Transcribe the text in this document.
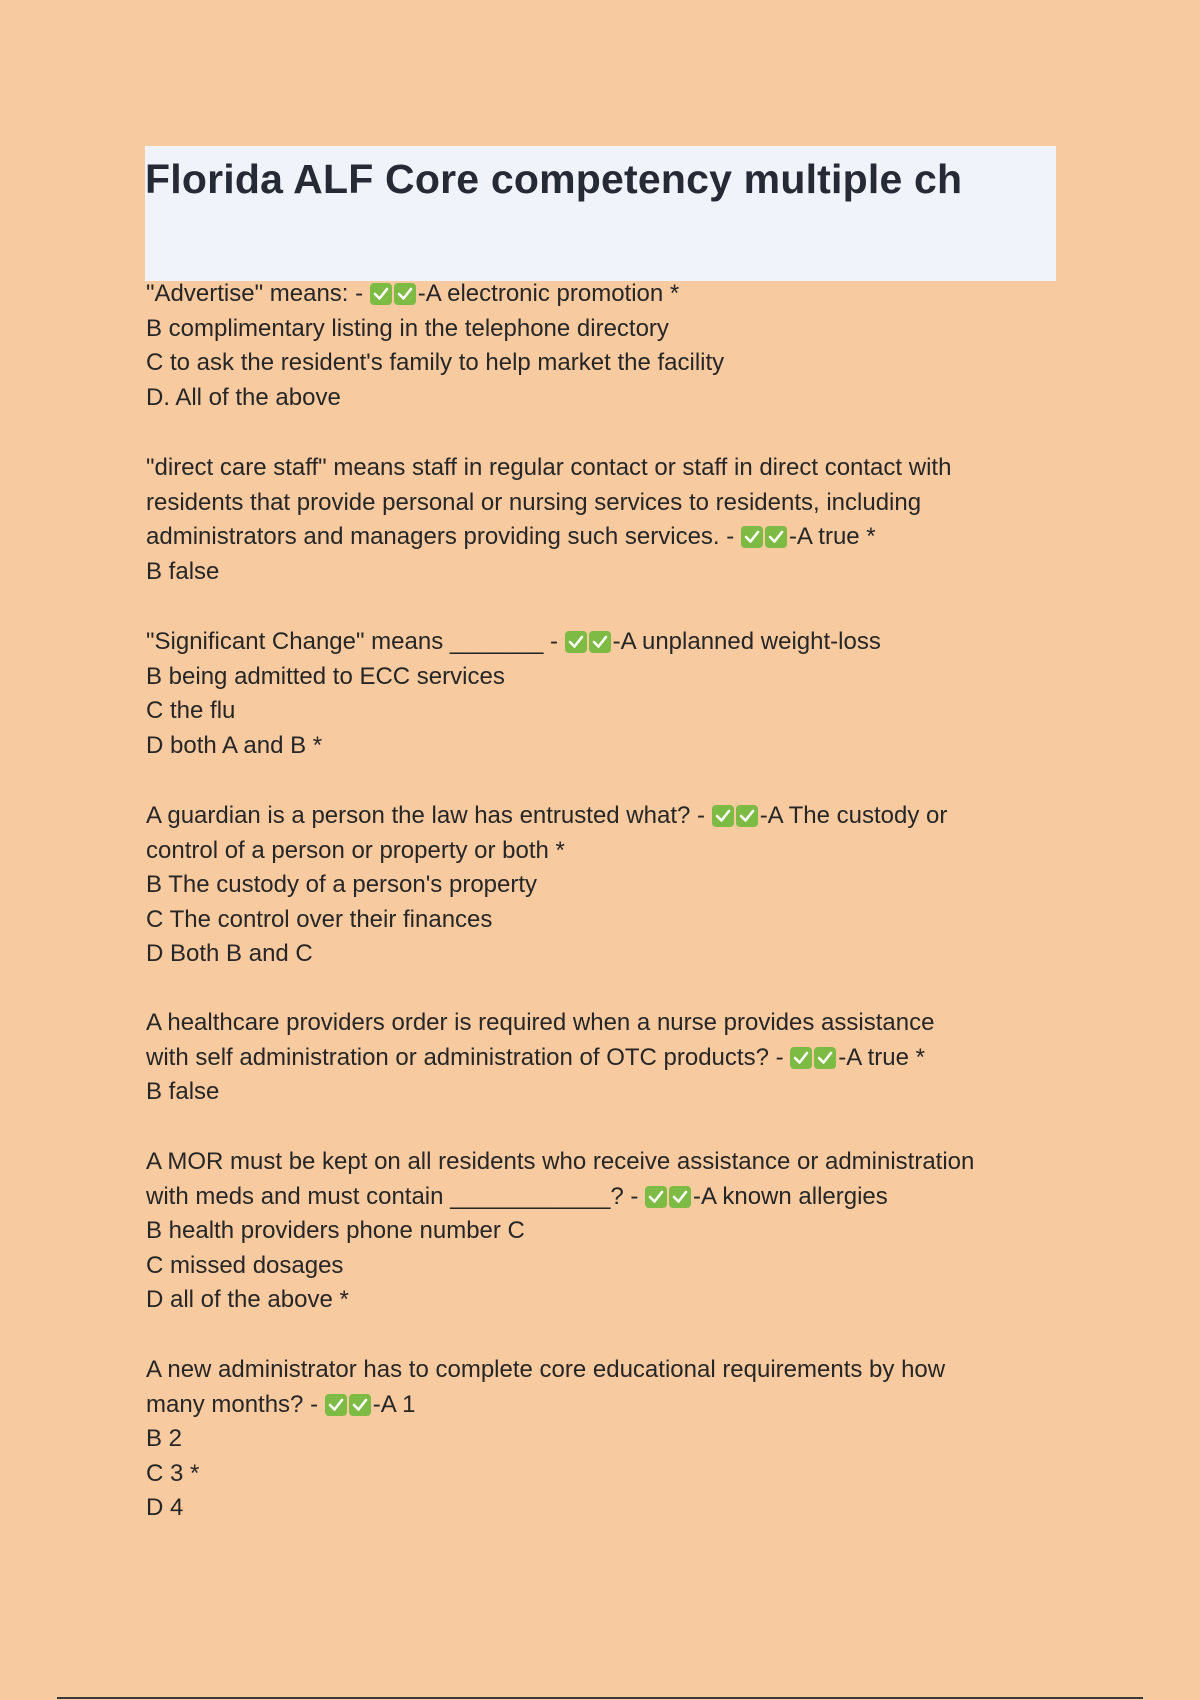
Florida ALF Core competency multiple ch
"Advertise" means: -
-A electronic promotion *
B complimentary listing in the telephone directory
C to ask the resident's family to help market the facility
D. All of the above
"direct care staff" means staff in regular contact or staff in direct contact with
residents that provide personal or nursing services to residents, including
administrators and managers providing such services. -
-A true *
B false
"Significant Change" means _______ -
-A unplanned weight-loss
B being admitted to ECC services
C the flu
D both A and B *
A guardian is a person the law has entrusted what? -
-A The custody or
control of a person or property or both *
B The custody of a person's property
C The control over their finances
D Both B and C
A healthcare providers order is required when a nurse provides assistance
with self administration or administration of OTC products? -
-A true *
B false
A MOR must be kept on all residents who receive assistance or administration
with meds and must contain ____________? -
-A known allergies
B health providers phone number C
C missed dosages
D all of the above *
A new administrator has to complete core educational requirements by how
many months? -
-A 1
B 2
C 3 *
D 4
